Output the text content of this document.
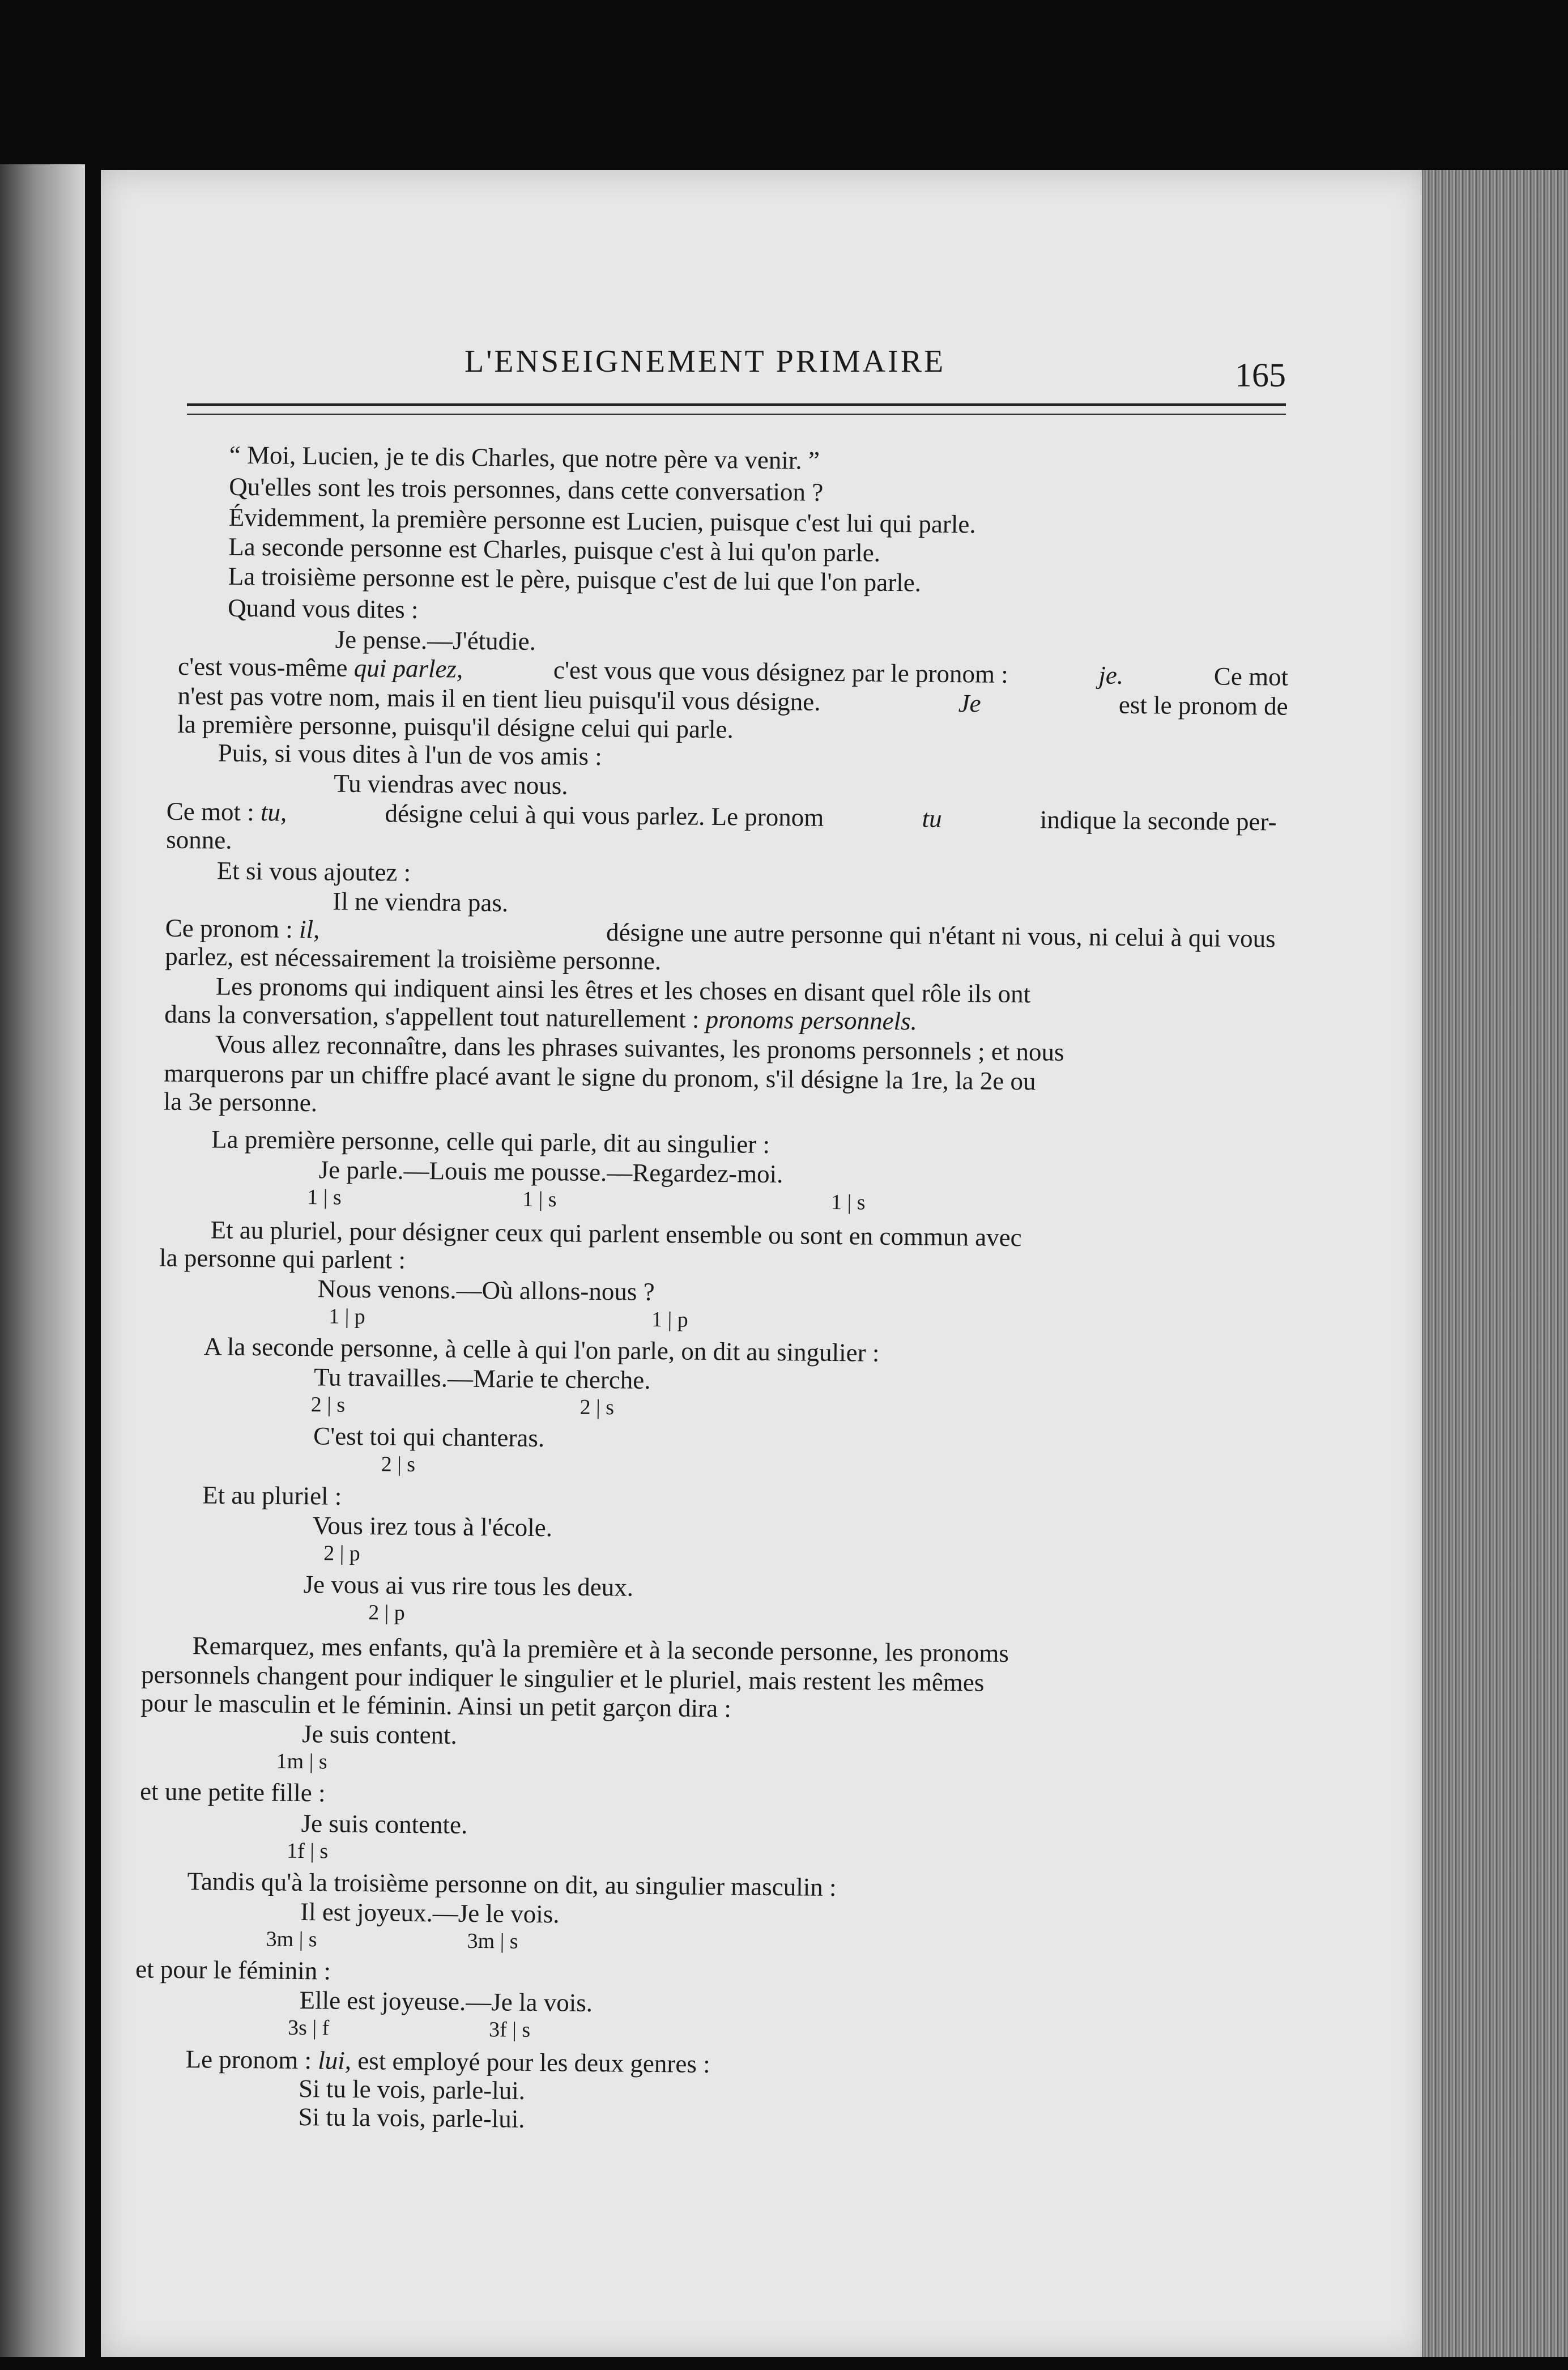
L'ENSEIGNEMENT PRIMAIRE	165
“ Moi, Lucien, je te dis Charles, que notre père va venir. ”
Qu'elles sont les trois personnes, dans cette conversation ?
Évidemment, la première personne est Lucien, puisque c'est lui qui parle.
La seconde personne est Charles, puisque c'est à lui qu'on parle.
La troisième personne est le père, puisque c'est de lui que l'on parle.
Quand vous dites :
Je pense.—J'étudie.
c'est vous-même qui parlez,	c'est vous que vous désignez par le pronom :	je.	Ce mot
n'est pas votre nom, mais il en tient lieu puisqu'il vous désigne.	Je	est le pronom de
la première personne, puisqu'il désigne celui qui parle.
Puis, si vous dites à l'un de vos amis :
Tu viendras avec nous.
Ce mot : tu,	désigne celui à qui vous parlez. Le pronom	tu	indique la seconde per-
sonne.
Et si vous ajoutez :
Il ne viendra pas.
Ce pronom : il,	désigne une autre personne qui n'étant ni vous, ni celui à qui vous
parlez, est nécessairement la troisième personne.
Les pronoms qui indiquent ainsi les êtres et les choses en disant quel rôle ils ont
dans la conversation, s'appellent tout naturellement : pronoms personnels.
Vous allez reconnaître, dans les phrases suivantes, les pronoms personnels ; et nous
marquerons par un chiffre placé avant le signe du pronom, s'il désigne la 1re, la 2e ou
la 3e personne.
La première personne, celle qui parle, dit au singulier :
Je parle.—Louis me pousse.—Regardez-moi.
1 | s	1 | s	1 | s
Et au pluriel, pour désigner ceux qui parlent ensemble ou sont en commun avec
la personne qui parlent :
Nous venons.—Où allons-nous ?
1 | p	1 | p
A la seconde personne, à celle à qui l'on parle, on dit au singulier :
Tu travailles.—Marie te cherche.
2 | s	2 | s
C'est toi qui chanteras.
2 | s
Et au pluriel :
Vous irez tous à l'école.
2 | p
Je vous ai vus rire tous les deux.
2 | p
Remarquez, mes enfants, qu'à la première et à la seconde personne, les pronoms
personnels changent pour indiquer le singulier et le pluriel, mais restent les mêmes
pour le masculin et le féminin. Ainsi un petit garçon dira :
Je suis content.
1m | s
et une petite fille :
Je suis contente.
1f | s
Tandis qu'à la troisième personne on dit, au singulier masculin :
Il est joyeux.—Je le vois.
3m | s	3m | s
et pour le féminin :
Elle est joyeuse.—Je la vois.
3s | f	3f | s
Le pronom : lui, est employé pour les deux genres :
Si tu le vois, parle-lui.
Si tu la vois, parle-lui.
